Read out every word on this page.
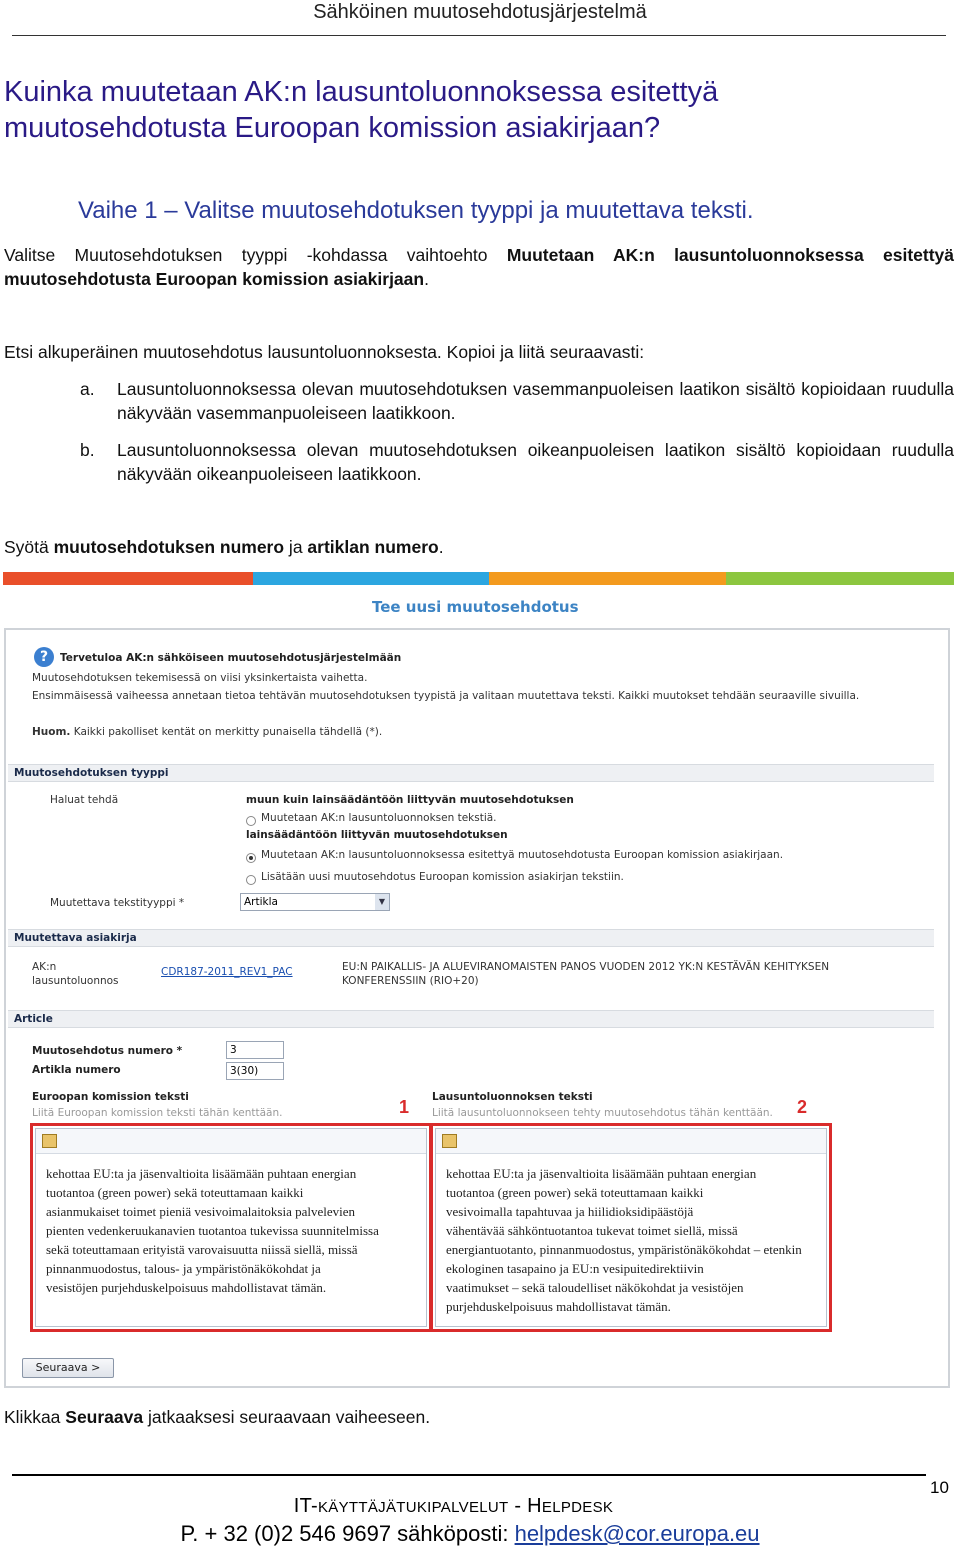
Sähköinen muutosehdotusjärjestelmä
Kuinka muutetaan AK:n lausuntoluonnoksessa esitettyä muutosehdotusta Euroopan komission asiakirjaan?
Vaihe 1 – Valitse muutosehdotuksen tyyppi ja muutettava teksti.
Valitse Muutosehdotuksen tyyppi -kohdassa vaihtoehto Muutetaan AK:n lausuntoluonnoksessa esitettyä muutosehdotusta Euroopan komission asiakirjaan.
Etsi alkuperäinen muutosehdotus lausuntoluonnoksesta. Kopioi ja liitä seuraavasti:
a. Lausuntoluonnoksessa olevan muutosehdotuksen vasemmanpuoleisen laatikon sisältö kopioidaan ruudulla näkyvään vasemmanpuoleiseen laatikkoon.
b. Lausuntoluonnoksessa olevan muutosehdotuksen oikeanpuoleisen laatikon sisältö kopioidaan ruudulla näkyvään oikeanpuoleiseen laatikkoon.
Syötä muutosehdotuksen numero ja artiklan numero.
Tee uusi muutosehdotus
?	Tervetuloa AK:n sähköiseen muutosehdotusjärjestelmään
Muutosehdotuksen tekemisessä on viisi yksinkertaista vaihetta.
Ensimmäisessä vaiheessa annetaan tietoa tehtävän muutosehdotuksen tyypistä ja valitaan muutettava teksti. Kaikki muutokset tehdään seuraaville sivuilla.
Huom. Kaikki pakolliset kentät on merkitty punaisella tähdellä (*).
Muutosehdotuksen tyyppi
Haluat tehdä	muun kuin lainsäädäntöön liittyvän muutosehdotuksen
Muutetaan AK:n lausuntoluonnoksen tekstiä.
lainsäädäntöön liittyvän muutosehdotuksen
Muutetaan AK:n lausuntoluonnoksessa esitettyä muutosehdotusta Euroopan komission asiakirjaan.
Lisätään uusi muutosehdotus Euroopan komission asiakirjan tekstiin.
Muutettava tekstityyppi *	Artikla	▼
Muutettava asiakirja
AK:n lausuntoluonnos
CDR187-2011_REV1_PAC	EU:N PAIKALLIS- JA ALUEVIRANOMAISTEN PANOS VUODEN 2012 YK:N KESTÄVÄN KEHITYKSEN KONFERENSSIIN (RIO+20)
Article
Muutosehdotus numero *	3
Artikla numero	3(30)
Euroopan komission teksti
Liitä Euroopan komission teksti tähän kenttään.
Lausuntoluonnoksen teksti
Liitä lausuntoluonnokseen tehty muutosehdotus tähän kenttään.
1	2
kehottaa EU:ta ja jäsenvaltioita lisäämään puhtaan energian
tuotantoa (green power) sekä toteuttamaan kaikki
asianmukaiset toimet pieniä vesivoimalaitoksia palvelevien
pienten vedenkeruukanavien tuotantoa tukevissa suunnitelmissa
sekä toteuttamaan erityistä varovaisuutta niissä siellä, missä
pinnanmuodostus, talous- ja ympäristönäkökohdat ja
vesistöjen purjehduskelpoisuus mahdollistavat tämän.
kehottaa EU:ta ja jäsenvaltioita lisäämään puhtaan energian
tuotantoa (green power) sekä toteuttamaan kaikki
vesivoimalla tapahtuvaa ja hiilidioksidipäästöjä
vähentävää sähköntuotantoa tukevat toimet siellä, missä
energiantuotanto, pinnanmuodostus, ympäristönäkökohdat – etenkin
ekologinen tasapaino ja EU:n vesipuitedirektiivin
vaatimukset – sekä taloudelliset näkökohdat ja vesistöjen
purjehduskelpoisuus mahdollistavat tämän.
Seuraava >
Klikkaa Seuraava jatkaaksesi seuraavaan vaiheeseen.
10
IT-KÄYTTÄJÄTUKIPALVELUT - HELPDESK
P. + 32 (0)2 546 9697 sähköposti: helpdesk@cor.europa.eu
